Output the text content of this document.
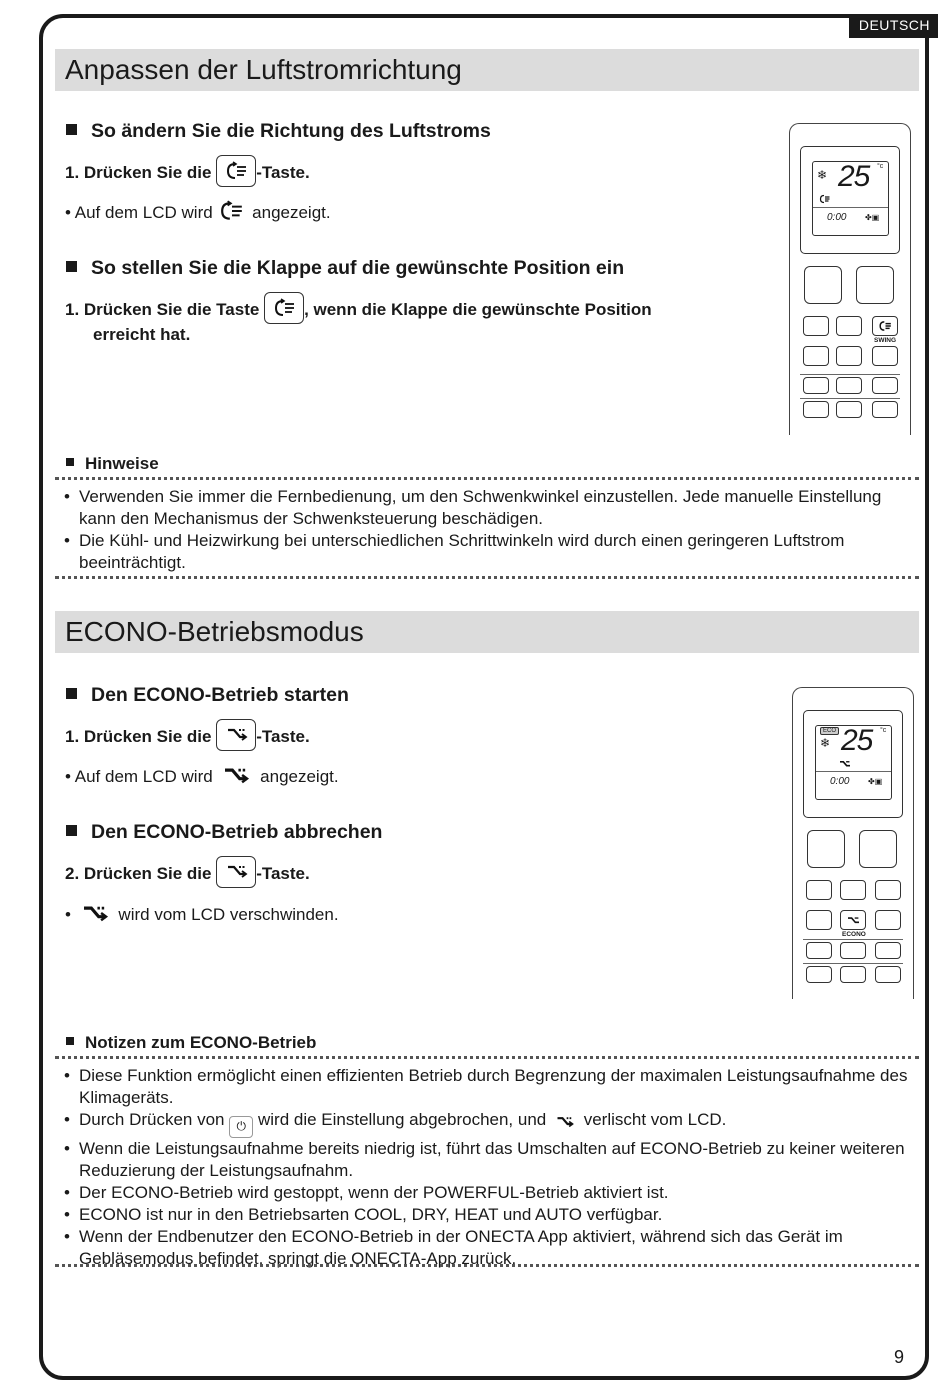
DEUTSCH
Anpassen der Luftstromrichtung
So ändern Sie die Richtung des Luftstroms
1. Drücken Sie die	-Taste.
• Auf dem LCD wird angezeigt.
So stellen Sie die Klappe auf die gewünschte Position ein
1. Drücken Sie die Taste	, wenn die Klappe die gewünschte Position
erreicht hat.
❄ 25 °c
0:00 ✤▣
SWING
Hinweise
• Verwenden Sie immer die Fernbedienung, um den Schwenkwinkel einzustellen. Jede manuelle Einstellung kann den Mechanismus der Schwenksteuerung beschädigen.
• Die Kühl- und Heizwirkung bei unterschiedlichen Schrittwinkeln wird durch einen geringeren Luftstrom beeinträchtigt.
ECONO-Betriebsmodus
Den ECONO-Betrieb starten
1. Drücken Sie die	-Taste.
• Auf dem LCD wird	angezeigt.
Den ECONO-Betrieb abbrechen
2. Drücken Sie die	-Taste.
•	wird vom LCD verschwinden.
ECO
❄ 25 °c
0:00 ✤▣
ECONO
Notizen zum ECONO-Betrieb
• Diese Funktion ermöglicht einen effizienten Betrieb durch Begrenzung der maximalen Leistungsaufnahme des Klimageräts.
• Durch Drücken von ⏻ wird die Einstellung abgebrochen, und verlischt vom LCD.
• Wenn die Leistungsaufnahme bereits niedrig ist, führt das Umschalten auf ECONO-Betrieb zu keiner weiteren Reduzierung der Leistungsaufnahm.
• Der ECONO-Betrieb wird gestoppt, wenn der POWERFUL-Betrieb aktiviert ist.
• ECONO ist nur in den Betriebsarten COOL, DRY, HEAT und AUTO verfügbar.
• Wenn der Endbenutzer den ECONO-Betrieb in der ONECTA App aktiviert, während sich das Gerät im Gebläsemodus befindet, springt die ONECTA-App zurück.
9
